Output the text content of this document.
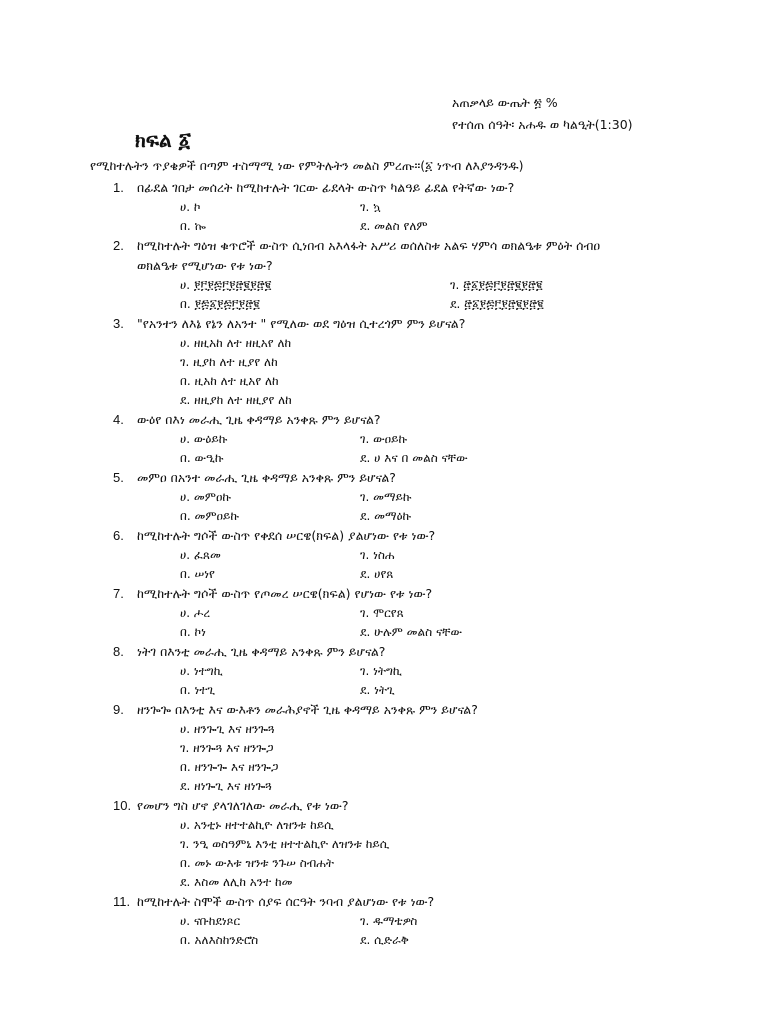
አጠቃላይ ውጤት ፳ %
የተሰጠ ሰዓት፡ አሐዱ ወ ካልዒት(1:30)
ክፍል ፩
የሚከተሉትን ጥያቄዎች በጣም ተስማሚ ነው የምትሉትን መልስ ምረጡ።(፩ ነጥብ ለእያንዳንዱ)
1.	በፊደል ገበታ መሰረት ከሚከተሉት ገርው ፊደላት ውስጥ ካልዓይ ፊደል የትኛው ነው?
ሀ. ኮ	ገ. ኳ
በ. ኰ	ደ. መልስ የለም
2.	ከሚከተሉት ግዕዝ ቁጥሮች ውስጥ ሲነበብ አእላፋት አሥሪ ወሰለስቱ አልፍ ሃምሳ ወክልዔቱ ምዕት ሰብዐ
ወክልዔቱ የሚሆነው የቱ ነው?
ሀ. ፻፫፻፷፫፻፸፪፻፸፪	ገ. ፸፩፻፷፫፻፸፪፻፸፪
በ. ፻፷፩፻፷፫፻፸፪	ደ. ፸፩፻፷፫፻፸፪፻፸፪
3.	"የአንተን ለእኔ የኔን ለአንተ " የሚለው ወደ ግዕዝ ሲተረጎም ምን ይሆናል?
ሀ. ዘዚአከ ለተ ዘዚአየ ለከ
ገ. ዚያከ ለተ ዚያየ ለከ
በ. ዚአከ ለተ ዚአየ ለከ
ደ. ዘዚያከ ለተ ዘዚያየ ለከ
4.	ውዕየ በእነ መራሒ ጊዜ ቀዳማይ አንቀጹ ምን ይሆናል?
ሀ. ውዕይኩ	ገ. ውዐይኩ
በ. ውዒኩ	ደ. ሀ እና በ መልስ ናቸው
5.	መምዐ በአንተ መራሒ ጊዜ ቀዳማይ አንቀጹ ምን ይሆናል?
ሀ. መምዐኩ	ገ. መማይኩ
በ. መምዐይኩ	ደ. መማዕኩ
6.	ከሚከተሉት ግሶች ውስጥ የቀደሰ ሠርዌ(ክፍል) ያልሆነው የቱ ነው?
ሀ. ፈጸመ	ገ. ነስሐ
በ. ሠነየ	ደ. ሀየጸ
7.	ከሚከተሉት ግሶች ውስጥ የጦመረ ሠርዌ(ክፍል) የሆነው የቱ ነው?
ሀ. ሖረ	ገ. ሞርየጸ
በ. ኮነ	ደ. ሁሉም መልስ ናቸው
8.	ነትገ በእንቲ መራሒ ጊዜ ቀዳማይ አንቀጹ ምን ይሆናል?
ሀ. ነተግኪ	ገ. ነትግኪ
በ. ነተጊ	ደ. ነትጊ
9.	ዘንጐጐ በእንቲ እና ውእቶን መራሕያኖች ጊዜ ቀዳማይ አንቀጹ ምን ይሆናል?
ሀ. ዘንጐጊ እና ዘንጐጓ
ገ. ዘንጐጓ እና ዘንጐጋ
በ. ዘንጐጐ እና ዘንጐጋ
ደ. ዘነጐጊ እና ዘነጐጓ
10. የመሆን ግስ ሆኖ ያላገለገለው መራሒ የቱ ነው?
ሀ. አንቲኑ ዘተተልኪዮ ለዝንቱ ከይሲ
ገ. ንዒ ወስዓምኒ እንቲ ዘተተልኪዮ ለዝንቱ ከይሲ
በ. መኑ ውእቱ ዝንቱ ንጉሠ ስብሐት
ደ. እስመ ለሊከ አንተ ከመ
11. ከሚከተሉት ስሞች ውስጥ ሰያፍ ሰርዓት ንባብ ያልሆነው የቱ ነው?
ሀ. ናቡከደነጾር	ገ. ዱማቴዎስ
በ. አለእስከንድሮስ	ደ. ሲድራቅ
